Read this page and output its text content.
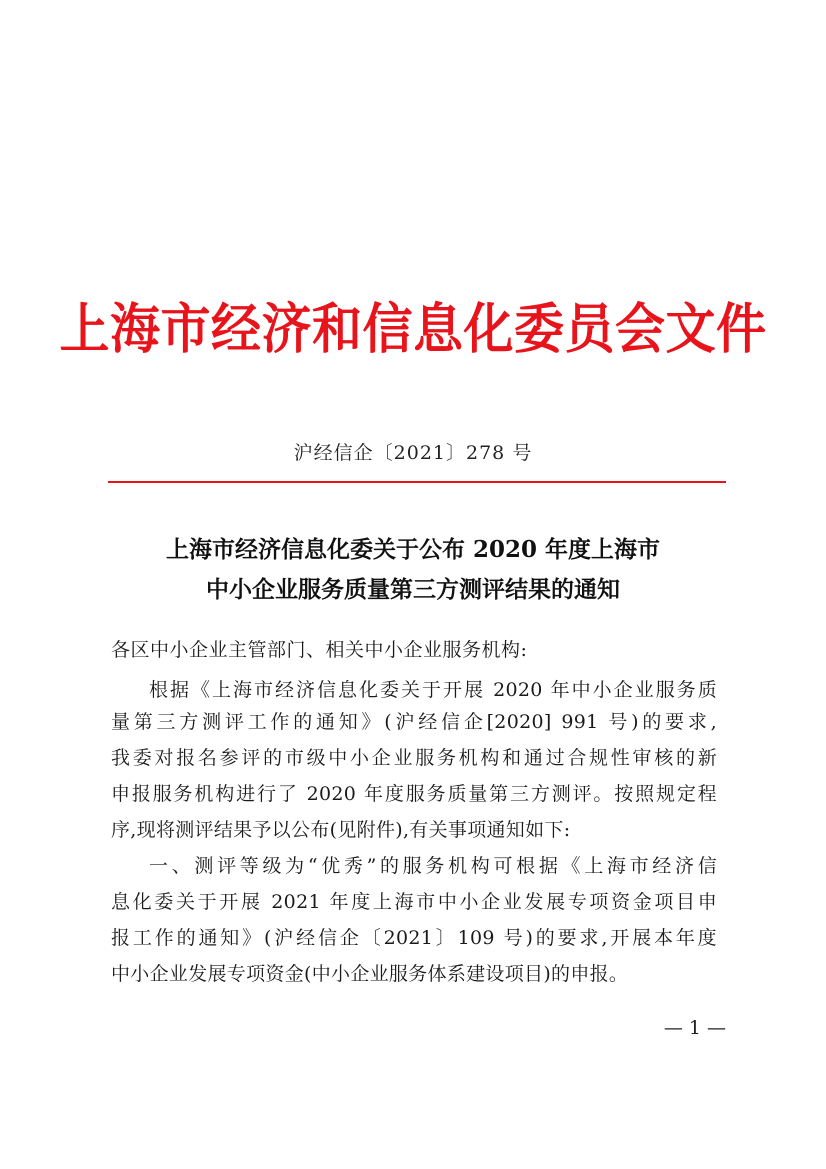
上海市经济和信息化委员会文件
沪经信企〔2021〕278 号
上海市经济信息化委关于公布 2020 年度上海市
中小企业服务质量第三方测评结果的通知
各区中小企业主管部门、相关中小企业服务机构:
根据《上海市经济信息化委关于开展 2020 年中小企业服务质
量第三方测评工作的通知》(沪经信企[2020] 991 号)的要求,
我委对报名参评的市级中小企业服务机构和通过合规性审核的新
申报服务机构进行了 2020 年度服务质量第三方测评。按照规定程
序,现将测评结果予以公布(见附件),有关事项通知如下:
一、测评等级为“优秀”的服务机构可根据《上海市经济信
息化委关于开展 2021 年度上海市中小企业发展专项资金项目申
报工作的通知》(沪经信企〔2021〕109 号)的要求,开展本年度
中小企业发展专项资金(中小企业服务体系建设项目)的申报。
— 1 —
